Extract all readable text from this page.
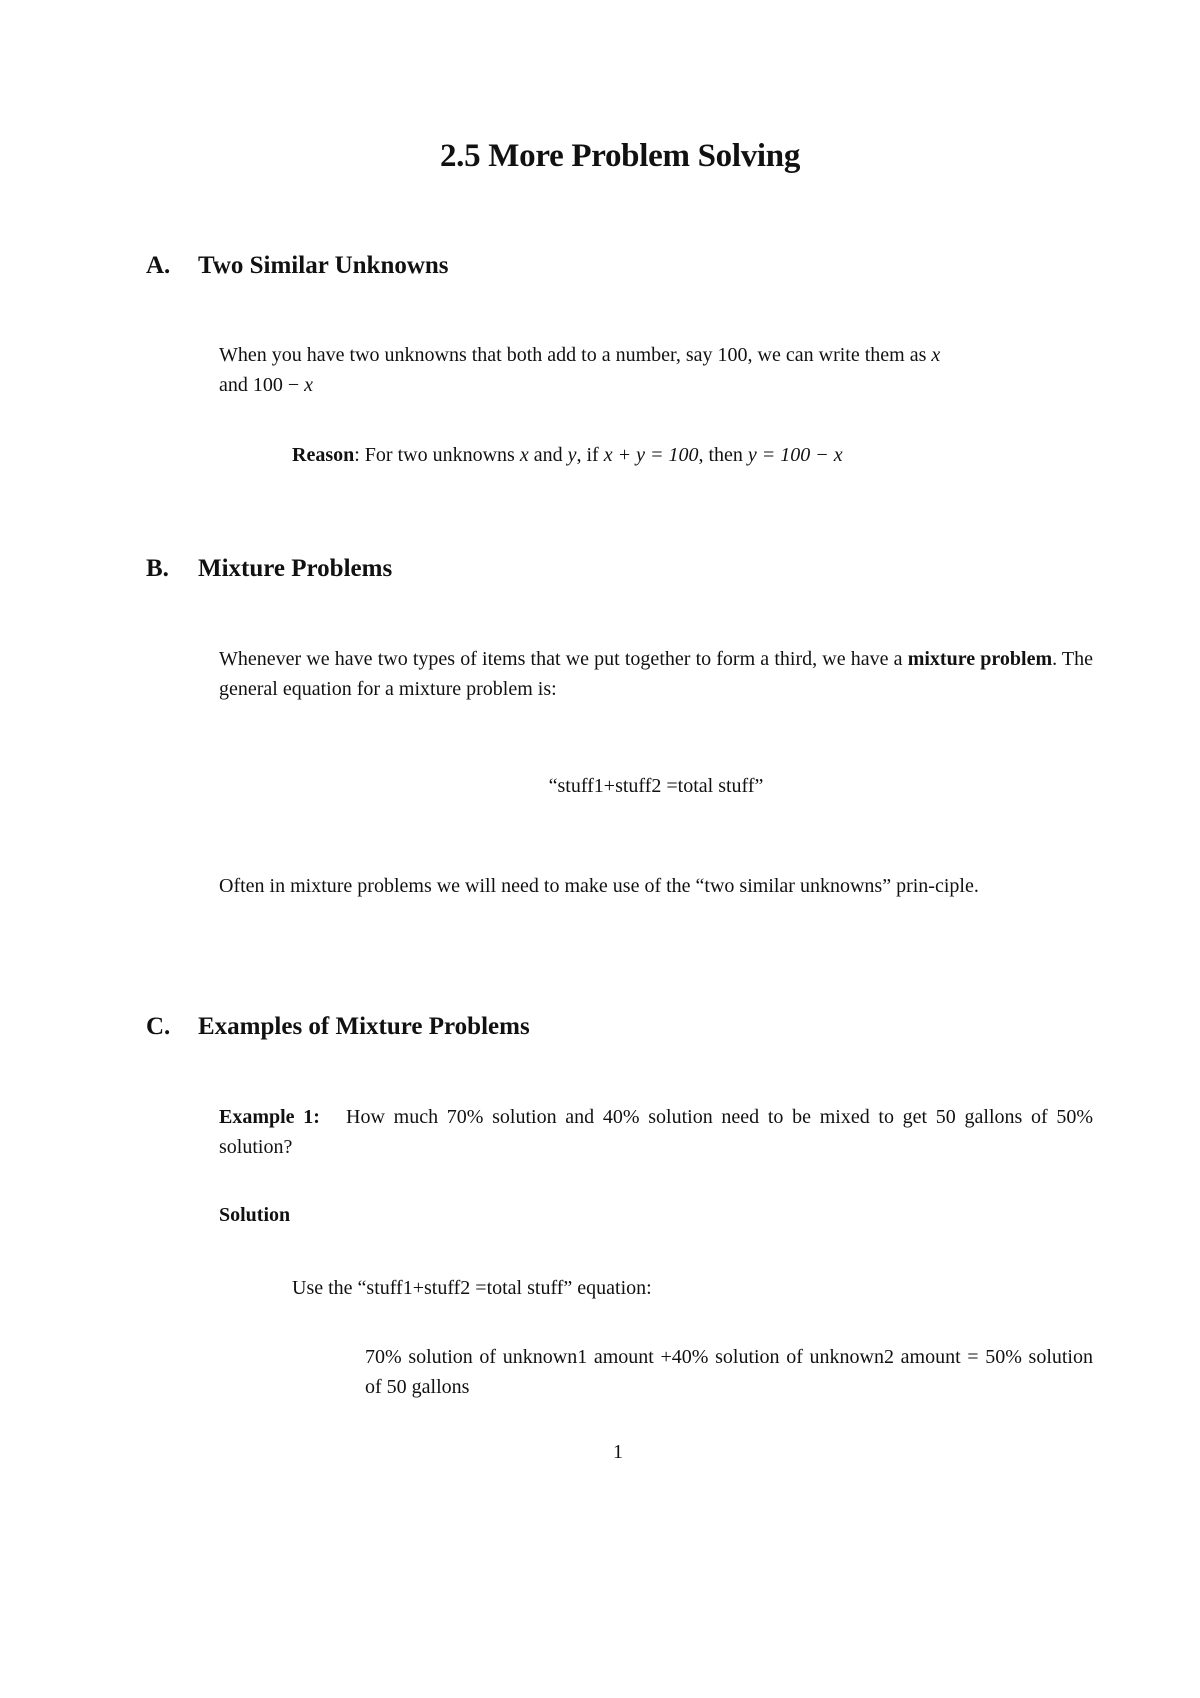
2.5 More Problem Solving
A. Two Similar Unknowns
When you have two unknowns that both add to a number, say 100, we can write them as x
and 100 − x
Reason: For two unknowns x and y, if x + y = 100, then y = 100 − x
B. Mixture Problems
Whenever we have two types of items that we put together to form a third, we have a mixture problem. The general equation for a mixture problem is:
“stuff1+stuff2 =total stuff”
Often in mixture problems we will need to make use of the “two similar unknowns” prin-ciple.
C. Examples of Mixture Problems
Example 1: How much 70% solution and 40% solution need to be mixed to get 50 gallons of 50% solution?
Solution
Use the “stuff1+stuff2 =total stuff” equation:
70% solution of unknown1 amount +40% solution of unknown2 amount = 50% solution of 50 gallons
1
